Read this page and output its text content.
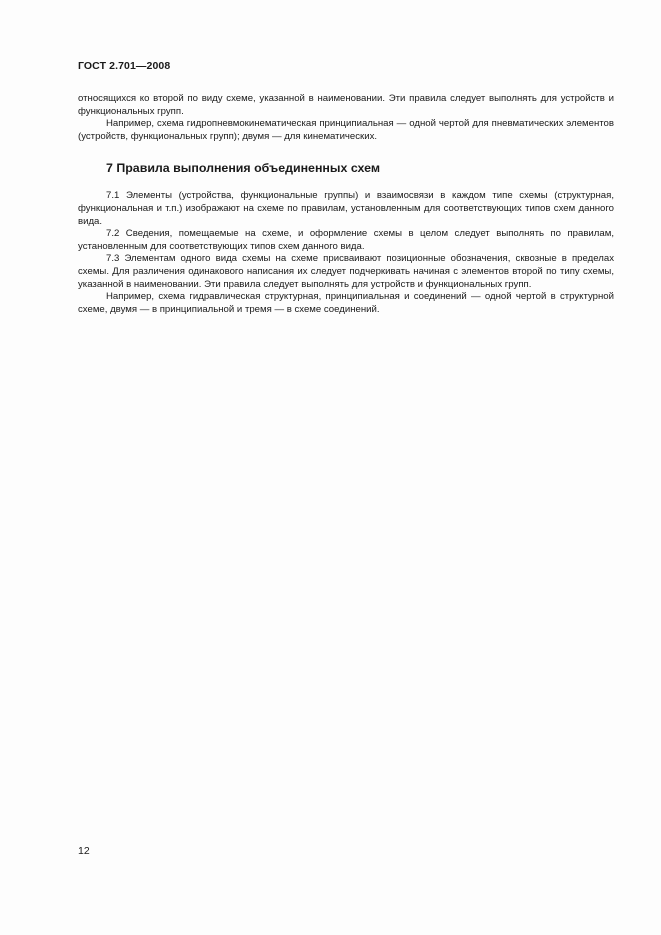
ГОСТ 2.701—2008

относящихся ко второй по виду схеме, указанной в наименовании. Эти правила следует выполнять для устройств и функциональных групп.

Например, схема гидропневмокинематическая принципиальная — одной чертой для пневматических элементов (устройств, функциональных групп); двумя — для кинематических.

7 Правила выполнения объединенных схем

7.1 Элементы (устройства, функциональные группы) и взаимосвязи в каждом типе схемы (структурная, функциональная и т.п.) изображают на схеме по правилам, установленным для соответствующих типов схем данного вида.

7.2 Сведения, помещаемые на схеме, и оформление схемы в целом следует выполнять по правилам, установленным для соответствующих типов схем данного вида.

7.3 Элементам одного вида схемы на схеме присваивают позиционные обозначения, сквозные в пределах схемы. Для различения одинакового написания их следует подчеркивать начиная с элементов второй по типу схемы, указанной в наименовании. Эти правила следует выполнять для устройств и функциональных групп.

Например, схема гидравлическая структурная, принципиальная и соединений — одной чертой в структурной схеме, двумя — в принципиальной и тремя — в схеме соединений.

12
